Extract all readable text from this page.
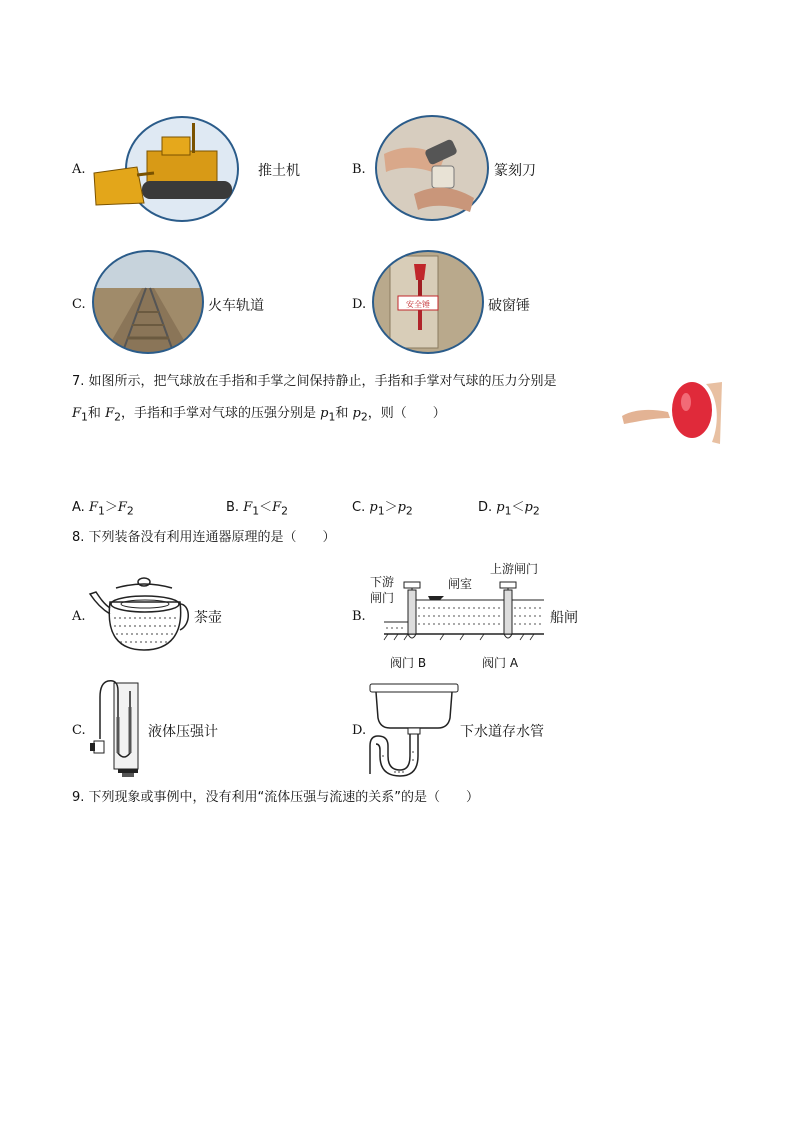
A.	推土机	B.	篆刻刀
C.	火车轨道	D.	安全锤	破窗锤
7. 如图所示，把气球放在手指和手掌之间保持静止，手指和手掌对气球的压力分别是
$F_1$和 $F_2$，手指和手掌对气球的压强分别是 $p_1$和 $p_2$，则（　　）
A. $F_1>F_2$	B. $F_1<F_2$	C. $p_1>p_2$	D. $p_1<p_2$
8. 下列装备没有利用连通器原理的是（　　）
A.	茶壶	B.
下游
闸门
闸室
上游闸门
船闸
阀门 B	阀门 A
C.	液体压强计	D.	下水道存水管
9. 下列现象或事例中，没有利用“流体压强与流速的关系”的是（　　）
